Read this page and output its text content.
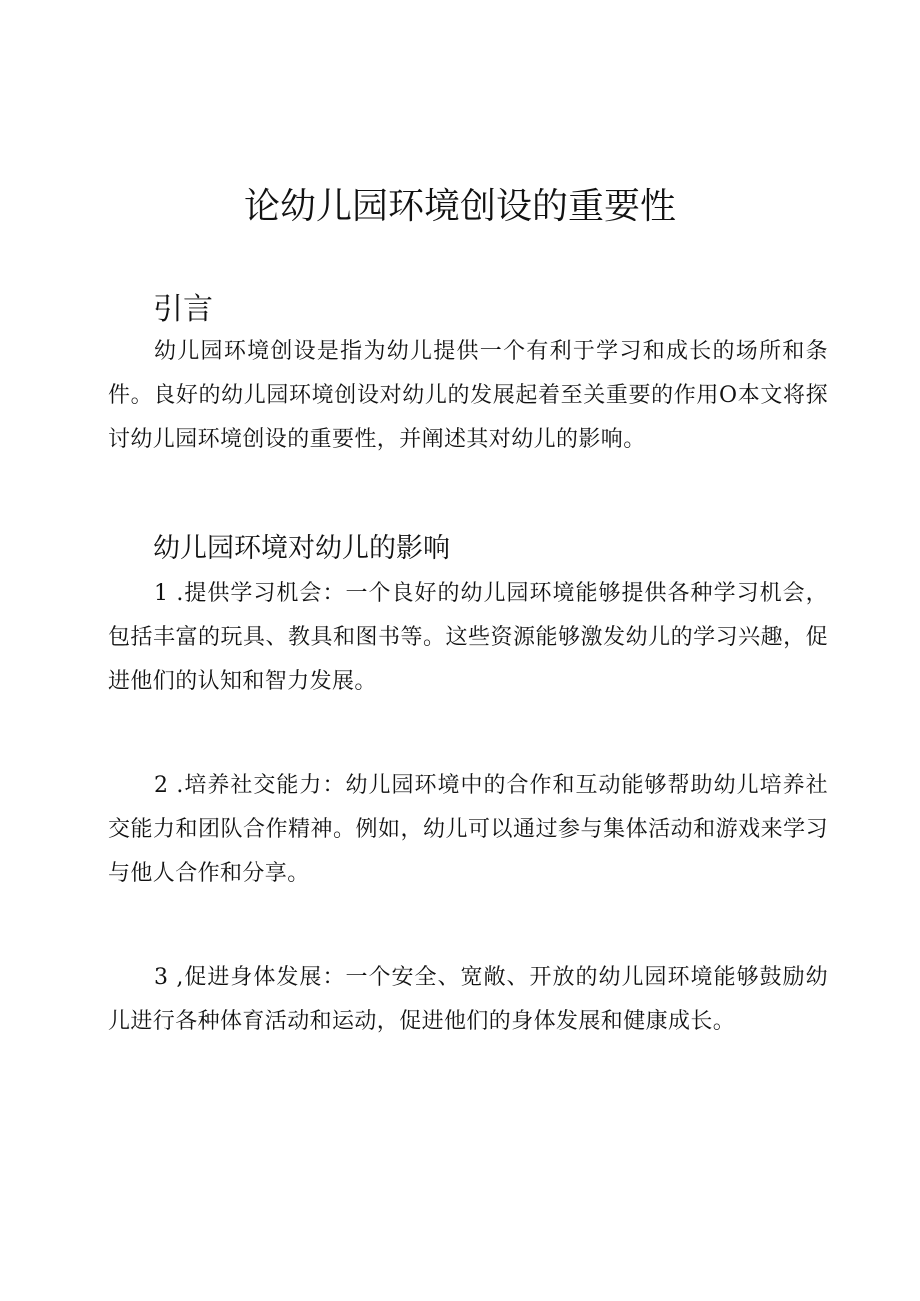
论幼儿园环境创设的重要性
引言

幼儿园环境创设是指为幼儿提供一个有利于学习和成长的场所和条件。良好的幼儿园环境创设对幼儿的发展起着至关重要的作用O本文将探讨幼儿园环境创设的重要性，并阐述其对幼儿的影响。

幼儿园环境对幼儿的影响

1 .提供学习机会：一个良好的幼儿园环境能够提供各种学习机会，包括丰富的玩具、教具和图书等。这些资源能够激发幼儿的学习兴趣，促进他们的认知和智力发展。

2 .培养社交能力：幼儿园环境中的合作和互动能够帮助幼儿培养社交能力和团队合作精神。例如，幼儿可以通过参与集体活动和游戏来学习与他人合作和分享。

3 ,促进身体发展：一个安全、宽敞、开放的幼儿园环境能够鼓励幼儿进行各种体育活动和运动，促进他们的身体发展和健康成长。
